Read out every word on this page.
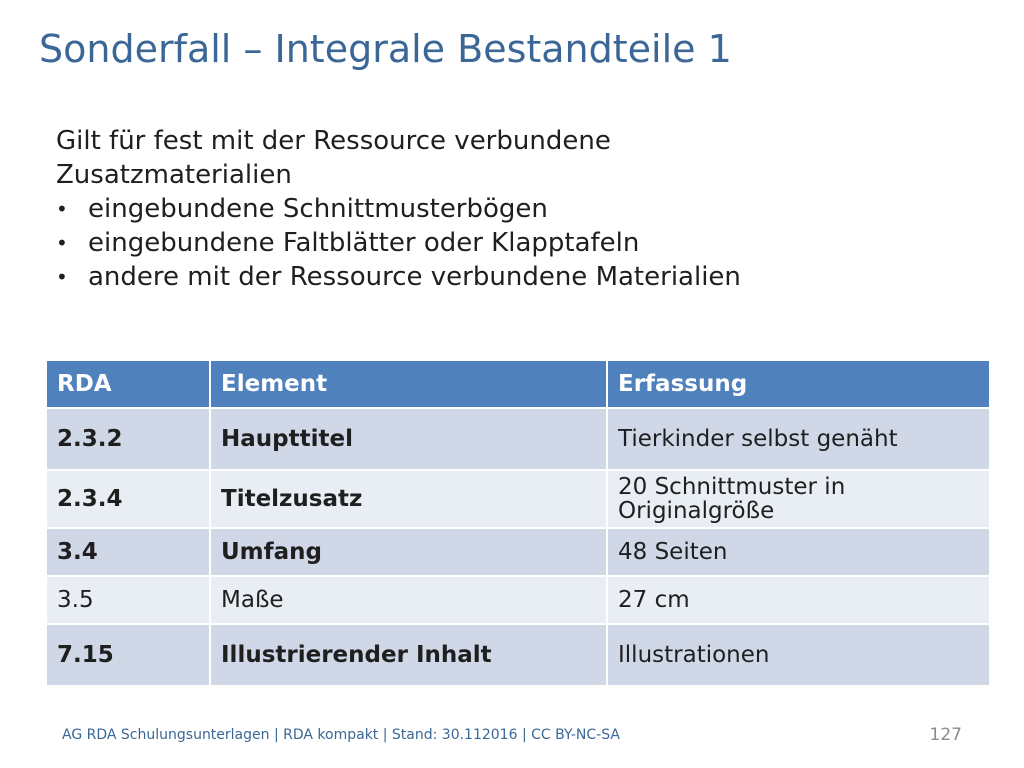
Sonderfall – Integrale Bestandteile 1
Gilt für fest mit der Ressource verbundene
Zusatzmaterialien
• eingebundene Schnittmusterbögen
• eingebundene Faltblätter oder Klapptafeln
• andere mit der Ressource verbundene Materialien
RDA	Element	Erfassung
2.3.2	Haupttitel	Tierkinder selbst genäht
2.3.4	Titelzusatz	20 Schnittmuster in
Originalgröße

3.4	Umfang	48 Seiten
3.5	Maße	27 cm
7.15	Illustrierender Inhalt	Illustrationen
AG RDA Schulungsunterlagen | RDA kompakt | Stand: 30.112016 | CC BY-NC-SA	127
